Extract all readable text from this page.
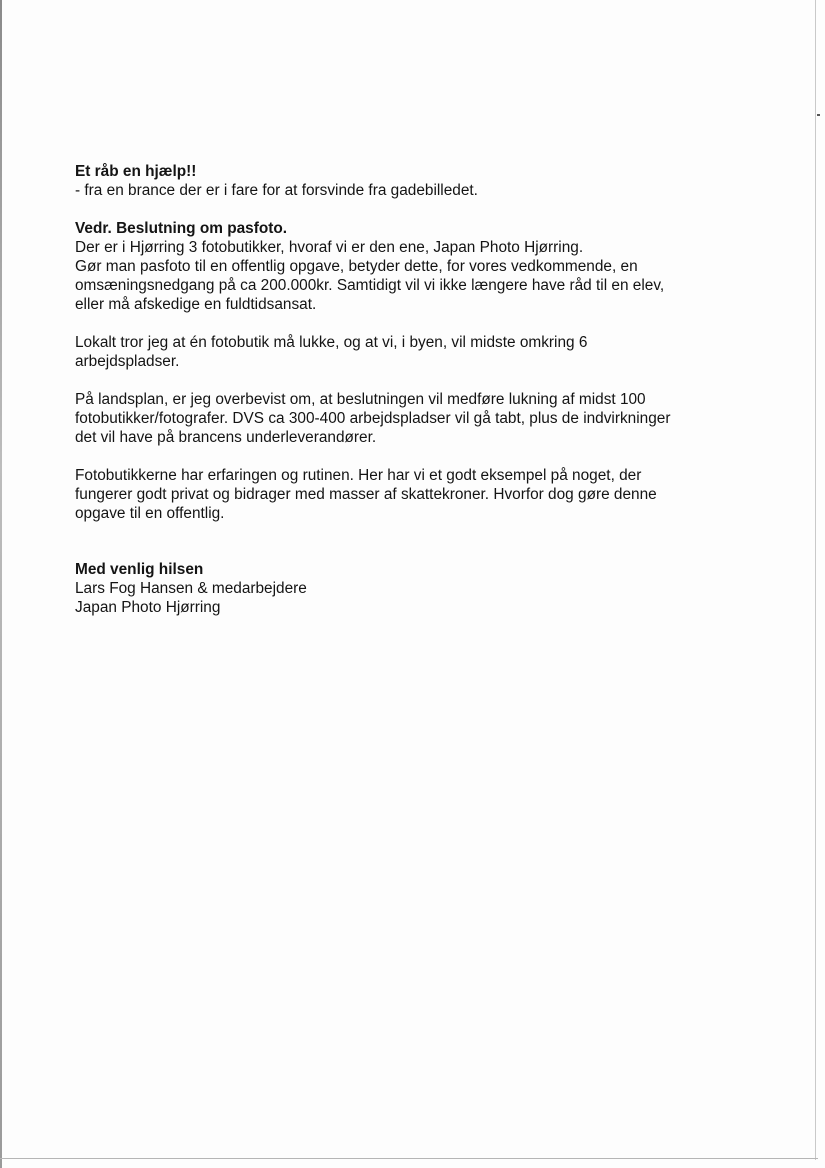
Et råb en hjælp!!

- fra en brance der er i fare for at forsvinde fra gadebilledet.

Vedr. Beslutning om pasfoto.

Der er i Hjørring 3 fotobutikker, hvoraf vi er den ene, Japan Photo Hjørring.
Gør man pasfoto til en offentlig opgave, betyder dette, for vores vedkommende, en
omsæningsnedgang på ca 200.000kr. Samtidigt vil vi ikke længere have råd til en elev,
eller må afskedige en fuldtidsansat.

Lokalt tror jeg at én fotobutik må lukke, og at vi, i byen, vil midste omkring 6
arbejdspladser.

På landsplan, er jeg overbevist om, at beslutningen vil medføre lukning af midst 100
fotobutikker/fotografer. DVS ca 300-400 arbejdspladser vil gå tabt, plus de indvirkninger
det vil have på brancens underleverandører.

Fotobutikkerne har erfaringen og rutinen. Her har vi et godt eksempel på noget, der
fungerer godt privat og bidrager med masser af skattekroner. Hvorfor dog gøre denne
opgave til en offentlig.

Med venlig hilsen

Lars Fog Hansen & medarbejdere

Japan Photo Hjørring
